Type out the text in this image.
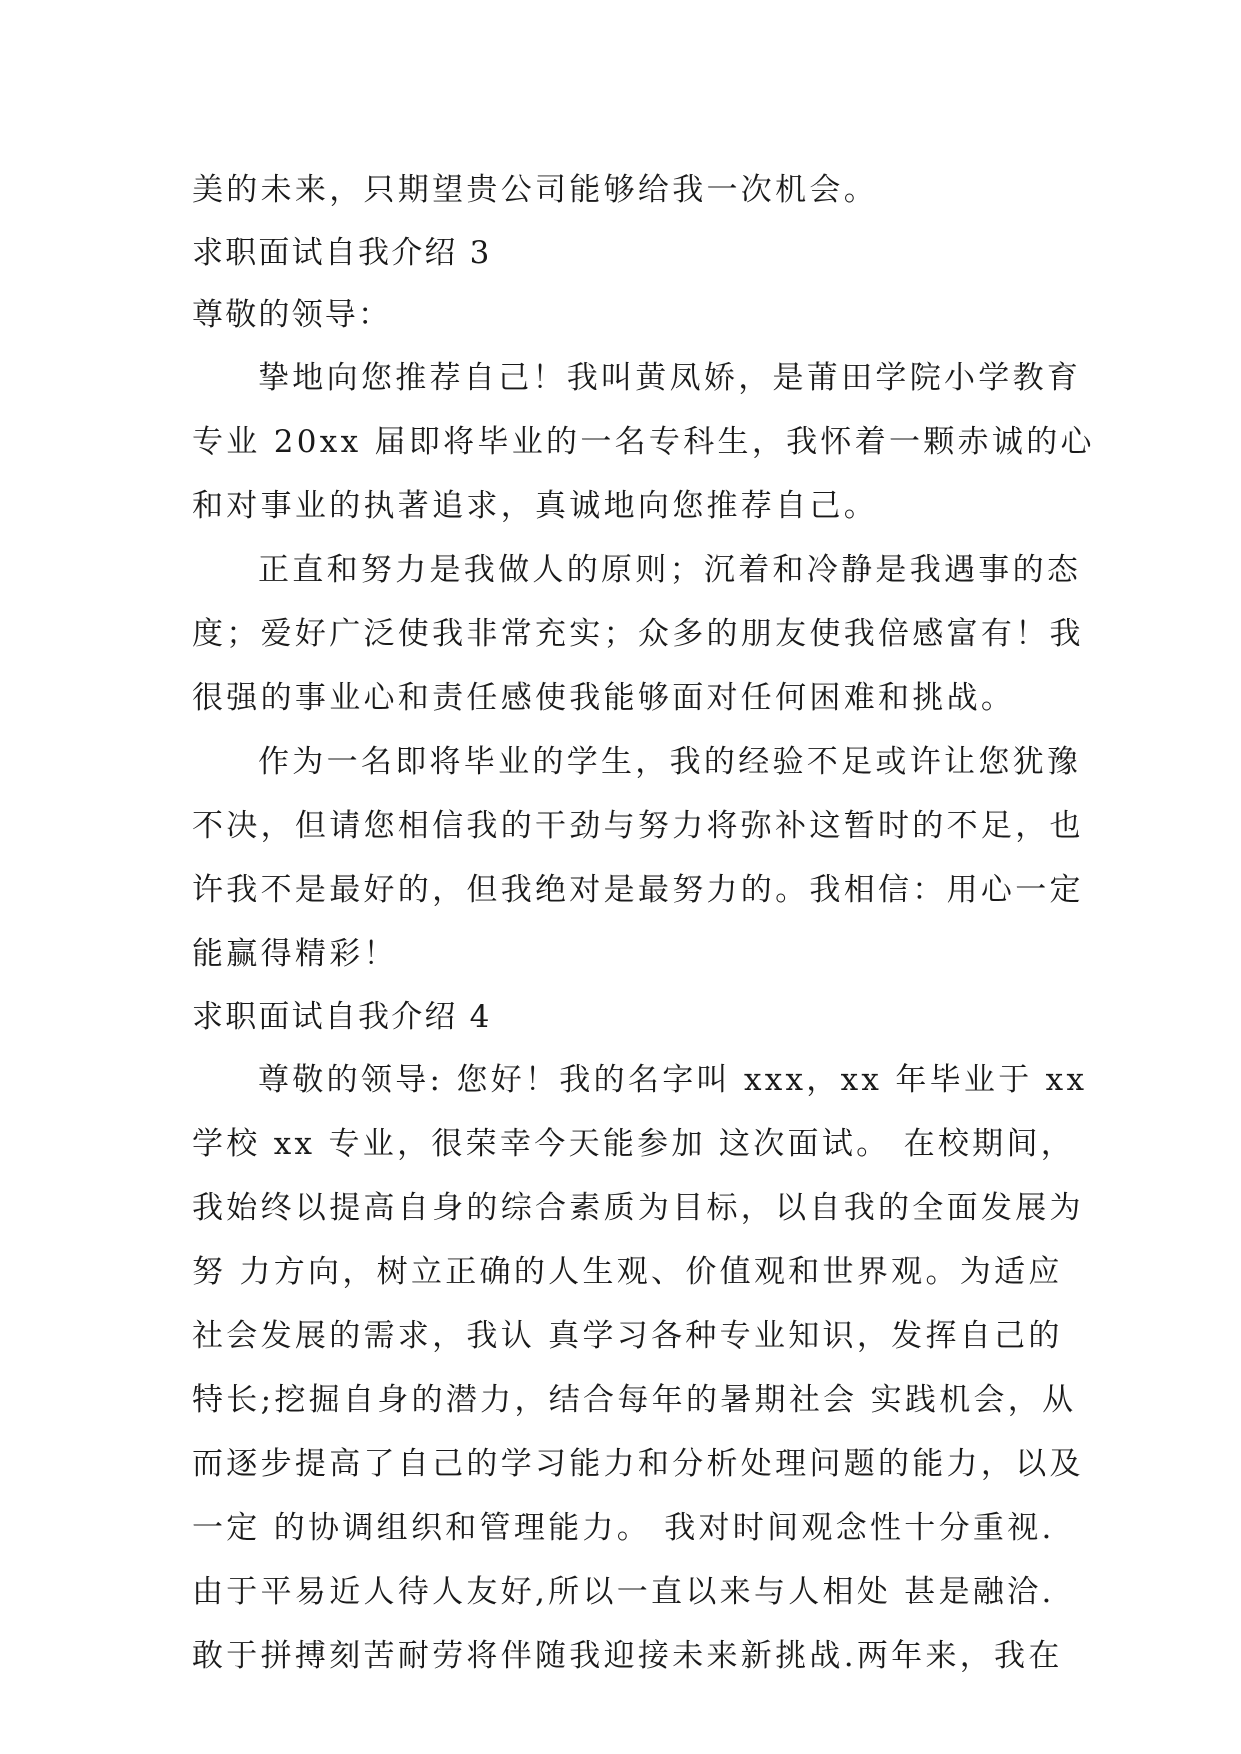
美的未来，只期望贵公司能够给我一次机会。
求职面试自我介绍 3
尊敬的领导：
挚地向您推荐自己！我叫黄凤娇，是莆田学院小学教育
专业 20xx 届即将毕业的一名专科生，我怀着一颗赤诚的心
和对事业的执著追求，真诚地向您推荐自己。
正直和努力是我做人的原则；沉着和冷静是我遇事的态
度；爱好广泛使我非常充实；众多的朋友使我倍感富有！我
很强的事业心和责任感使我能够面对任何困难和挑战。
作为一名即将毕业的学生，我的经验不足或许让您犹豫
不决，但请您相信我的干劲与努力将弥补这暂时的不足，也
许我不是最好的，但我绝对是最努力的。我相信：用心一定
能赢得精彩！
求职面试自我介绍 4
尊敬的领导: 您好！我的名字叫 xxx，xx 年毕业于 xx
学校 xx 专业，很荣幸今天能参加 这次面试。 在校期间，
我始终以提高自身的综合素质为目标，以自我的全面发展为
努 力方向，树立正确的人生观、价值观和世界观。为适应
社会发展的需求，我认 真学习各种专业知识，发挥自己的
特长;挖掘自身的潜力，结合每年的暑期社会 实践机会，从
而逐步提高了自己的学习能力和分析处理问题的能力，以及
一定 的协调组织和管理能力。 我对时间观念性十分重视.
由于平易近人待人友好,所以一直以来与人相处 甚是融洽.
敢于拼搏刻苦耐劳将伴随我迎接未来新挑战.两年来，我在
